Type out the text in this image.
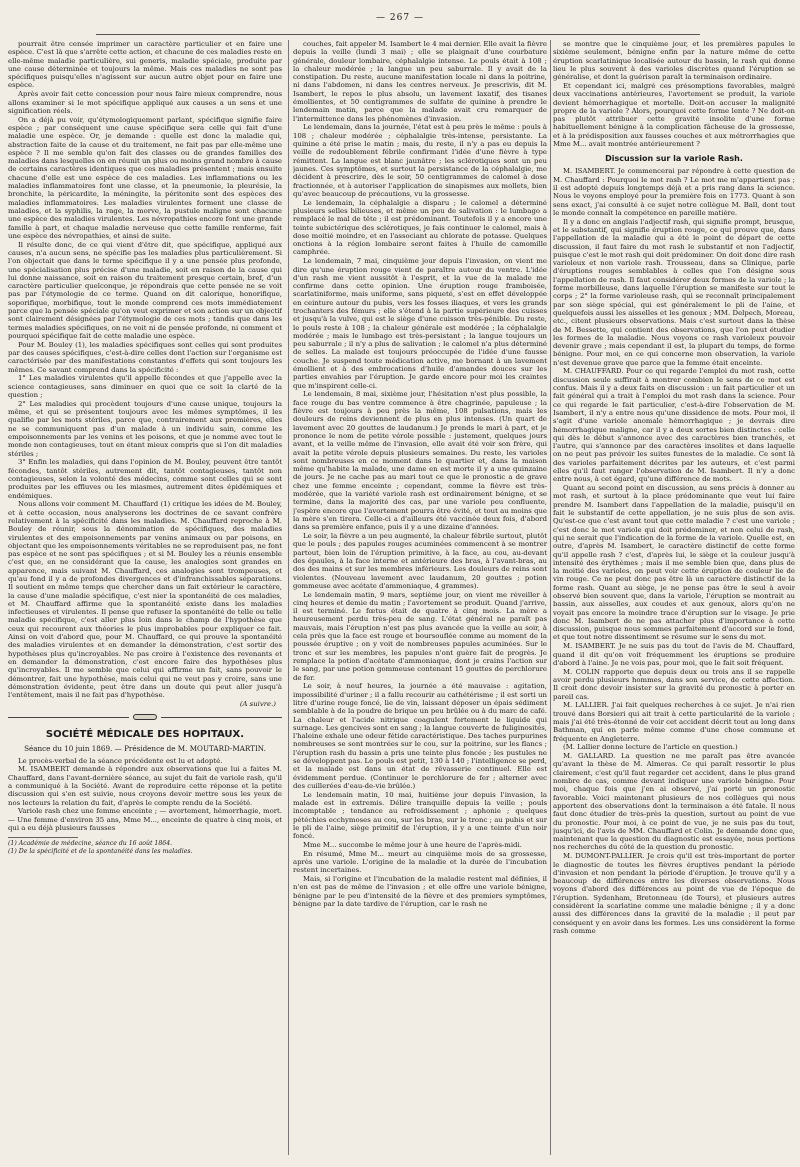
— 267 —

pourrait être censée imprimer un caractère particulier et en faire une espèce. C'est là que s'arrête cette action, et chacune de ces maladies reste en elle-même maladie particulière, sui generis, maladie spéciale, produite par une cause déterminée et toujours la même. Mais ces maladies ne sont pas spécifiques puisqu'elles n'agissent sur aucun autre objet pour en faire une espèce.

Après avoir fait cette concession pour nous faire mieux comprendre, nous allons examiner si le mot spécifique appliqué aux causes a un sens et une signification réels.

On a déjà pu voir, qu'étymologiquement parlant, spécifique signifie faire espèce ; par conséquent une cause spécifique sera celle qui fait d'une maladie une espèce. Or, je demande : quelle est donc la maladie qui, abstraction faite de la cause et du traitement, ne fait pas par elle-même une espèce ? Il me semble qu'on fait des classes ou de grandes familles des maladies dans lesquelles on en réunit un plus ou moins grand nombre à cause de certains caractères identiques que ces maladies présentent ; mais ensuite chacune d'elle est une espèce de ces maladies. Les inflammations ou les maladies inflammatoires font une classe, et la pneumonie, la pleurésie, la bronchite, la péricardite, la méningite, la péritonite sont des espèces des maladies inflammatoires. Les maladies virulentes forment une classe de maladies, et la syphilis, la rage, la morve, la pustule maligne sont chacune une espèce des maladies virulentes. Les névropathies encore font une grande famille à part, et chaque maladie nerveuse que cette famille renferme, fait une espèce des névropathies, et ainsi de suite.

Il résulte donc, de ce qui vient d'être dit, que spécifique, appliqué aux causes, n'a aucun sens, ne spécifie pas les maladies plus particulièrement. Si l'on objectait que dans le terme spécifique il y a une pensée plus profonde, une spécialisation plus précise d'une maladie, soit en raison de la cause qui lui donne naissance, soit en raison du traitement presque certain, bref, d'un caractère particulier quelconque, je répondrais que cette pensée ne se voit pas par l'étymologie de ce terme. Quand on dit calorique, honorifique, soporifique, morbifique, tout le monde comprend ces mots immédiatement parce que la pensée spéciale qu'on veut exprimer et son action sur un objectif sont clairement désignées par l'étymologie de ces mots ; tandis que dans les termes maladies spécifiques, on ne voit ni de pensée profonde, ni comment et pourquoi spécifique fait de cette maladie une espèce.

Pour M. Bouley (1), les maladies spécifiques sont celles qui sont produites par des causes spécifiques, c'est-à-dire celles dont l'action sur l'organisme est caractérisée par des manifestations constantes d'effets qui sont toujours les mêmes. Ce savant comprend dans la spécificité :

1° Les maladies virulentes qu'il appelle fécondes et que j'appelle avec la science contagieuses, sans diminuer en quoi que ce soit la clarté de la question ;

2° Les maladies qui procèdent toujours d'une cause unique, toujours la même, et qui se présentent toujours avec les mêmes symptômes, il les qualifie par les mots stériles, parce que, contrairement aux premières, elles ne se communiquent pas d'un malade à un individu sain, comme les empoisonnements par les venins et les poisons, et que je nomme avec tout le monde non contagieuses, tout en étant mieux compris que si l'on dit maladies stériles ;

3° Enfin les maladies, qui dans l'opinion de M. Bouley, peuvent être tantôt fécondes, tantôt stériles, autrement dit, tantôt contagieuses, tantôt non contagieuses, selon la volonté des médecins, comme sont celles qui se sont produites par les effluves ou les miasmes, autrement dites épidémiques et endémiques.

Nous allons voir comment M. Chauffard (1) critique les idées de M. Bouley, et à cette occasion, nous analyserons les doctrines de ce savant confrère relativement à la spécificité dans les maladies. M. Chauffard reproche à M. Bouley de réunir, sous la dénomination de spécifiques, des maladies virulentes et des empoisonnements par venins animaux ou par poisons, en objectant que les empoisonnements véritables ne se reproduisent pas, ne font pas espèce et ne sont pas spécifiques ; et si M. Bouley les a réunis ensemble c'est que, en ne considérant que la cause, les analogies sont grandes en apparence, mais suivant M. Chauffard, ces analogies sont trompeuses, et qu'au fond il y a de profondes divergences et d'infranchissables séparations. Il soutient en même temps que chercher dans un fait extérieur le caractère, la cause d'une maladie spécifique, c'est nier la spontanéité de ces maladies, et M. Chauffard affirme que la spontanéité existe dans les maladies infectieuses et virulentes. Il pense que refuser la spontanéité de telle ou telle maladie spécifique, c'est aller plus loin dans le champ de l'hypothèse que ceux qui recourent aux théories le plus improbables pour expliquer ce fait. Ainsi on voit d'abord que, pour M. Chauffard, ce qui prouve la spontanéité des maladies virulentes et en demander la démonstration, c'est sortir des hypothèses plus qu'incroyables. Ne pas croire à l'existence des revenants et en demander la démonstration, c'est encore faire des hypothèses plus qu'incroyables. Il me semble que celui qui affirme un fait, sans pouvoir le démontrer, fait une hypothèse, mais celui qui ne veut pas y croire, sans une démonstration évidente, peut être dans un doute qui peut aller jusqu'à l'entêtement, mais il ne fait pas d'hypothèse.

(A suivre.)
SOCIÉTÉ MÉDICALE DES HOPITAUX.
Séance du 10 juin 1869. — Présidence de M. MOUTARD-MARTIN.

Le procès-verbal de la séance précédente est lu et adopté.

M. ISAMBERT demande à répondre aux observations que lui a faites M. Chauffard, dans l'avant-dernière séance, au sujet du fait de variole rash, qu'il a communiqué à la Société. Avant de reproduire cette réponse et la petite discussion qui s'en est suivie, nous croyons devoir mettre sous les yeux de nos lecteurs la relation du fait, d'après le compte rendu de la Société.

Variole rash chez une femme enceinte ; — avortement, hémorrhagie, mort. — Une femme d'environ 35 ans, Mme M..., enceinte de quatre à cinq mois, et qui a eu déjà plusieurs fausses

(1) Académie de médecine, séance du 16 août 1864.

(1) De la spécificité et de la spontanéité dans les maladies.

couches, fait appeler M. Isambert le 4 mai dernier. Elle avait la fièvre depuis la veille (lundi 3 mai) ; elle se plaignait d'une courbature générale, douleur lombaire, céphalalgie intense. Le pouls était à 108 ; la chaleur modérée ; la langue un peu saburrale. Il y avait de la constipation. Du reste, aucune manifestation locale ni dans la poitrine, ni dans l'abdomen, ni dans les centres nerveux. Je prescrivis, dit M. Isambert, le repos le plus absolu, un lavement laxatif, des tisanes émollientes, et 50 centigrammes de sulfate de quinine à prendre le lendemain matin, parce que la malade avait cru remarquer de l'intermittence dans les phénomènes d'invasion.

Le lendemain, dans la journée, l'état est à peu près le même : pouls à 108 ; chaleur modérée ; céphalalgie très-intense, persistante. La quinine a été prise le matin ; mais, du reste, il n'y a pas eu depuis la veille de redoublement fébrile confirmant l'idée d'une fièvre à type rémittent. La langue est blanc jaunâtre ; les sclérotiques sont un peu jaunes. Ces symptômes, et surtout la persistance de la céphalalgie, me décident à prescrire, dès le soir, 50 centigrammes de calomel à dose fractionnée, et à autoriser l'application de sinapismes aux mollets, bien qu'avec beaucoup de précautions, vu la grossesse.

Le lendemain, la céphalalgie a disparu ; le calomel a déterminé plusieurs selles bilieuses, et même un peu de salivation : le lumbago a remplacé le mal de tête ; il est prédominant. Toutefois il y a encore une teinte subictérique des sclérotiques, je fais continuer le calomel, mais à dose moitié moindre, et en l'associant au chlorate de potasse. Quelques onctions à la région lombaire seront faites à l'huile de camomille camphrée.

Le lendemain, 7 mai, cinquième jour depuis l'invasion, on vient me dire qu'une éruption rouge vient de paraître autour du ventre. L'idée d'un rash me vient aussitôt à l'esprit, et la vue de la malade me confirme dans cette opinion. Une éruption rouge framboisée, scarlatiniforme, mais uniforme, sans piqueté, s'est en effet développée en ceinture autour du pubis, vers les fosses iliaques, et vers les grands trochanters des fémurs ; elle s'étend à la partie supérieure des cuisses et jusqu'à la vulve, qui est le siège d'une cuisson très-pénible. Du reste, le pouls reste à 108 ; la chaleur générale est modérée ; la céphalalgie modérée ; mais le lumbago est très-persistant ; la langue toujours un peu saburrale ; il n'y a plus de salivation ; le calomel n'a plus déterminé de selles. La malade est toujours préoccupée de l'idée d'une fausse couche. Je suspend toute médication active, me bornant à un lavement émollient et à des embrocations d'huile d'amandes douces sur les parties envahies par l'éruption. Je garde encore pour moi les craintes que m'inspirent celle-ci.

Le lendemain, 8 mai, sixième jour, l'hésitation n'est plus possible, la face rouge du bas ventre commence à être chagrinée, papuleuse ; la fièvre est toujours à peu près la même, 108 pulsations, mais les douleurs de reins deviennent de plus en plus intenses. (Un quart de lavement avec 20 gouttes de laudanum.) Je prends le mari à part, et je prononce le nom de petite vérole possible : justement, quelques jours avant, et la veille même de l'invasion, elle avait été voir son frère, qui avait la petite vérole depuis plusieurs semaines. Du reste, les varioles sont nombreuses en ce moment dans le quartier et, dans la maison même qu'habite la malade, une dame en est morte il y a une quinzaine de jours. Je ne cache pas au mari tout ce que le pronostic a de grave chez une femme enceinte ; cependant, comme la fièvre est très-modérée, que la variété variole rash est ordinairement bénigne, et se termine, dans la majorité des cas, par une variole peu confluente, j'espère encore que l'avortement pourra être évité, et tout au moins que la mère s'en tirera. Celle-ci a d'ailleurs été vaccinée deux fois, d'abord dans sa première enfance, puis il y a une dizaine d'années.

Le soir, la fièvre a un peu augmenté, la chaleur fébrile surtout, plutôt que le pouls ; des papules rouges acuminées commencent à se montrer partout, bien loin de l'éruption primitive, à la face, au cou, au-devant des épaules, à la face interne et antérieure des bras, à l'avant-bras, au dos des mains et sur les membres inférieurs. Les douleurs de reins sont violentes. (Nouveau lavement avec laudanum, 20 gouttes ; potion gommeuse avec acétate d'ammoniaque, 4 grammes).

Le lendemain matin, 9 mars, septième jour, on vient me réveiller à cinq heures et demie du matin ; l'avortement se produit. Quand j'arrive, il est terminé. Le fœtus était de quatre à cinq mois. La mère a heureusement perdu très-peu de sang. L'état général ne paraît pas mauvais, mais l'éruption n'est pas plus avancée que la veille au soir, à cela près que la face est rouge et boursouflée comme au moment de la poussée éruptive ; on y voit de nombreuses papules acuminées. Sur le tronc et sur les membres, les papules n'ont guère fait de progrès. Je remplace la potion d'acétate d'ammoniaque, dont je crains l'action sur le sang, par une potion gommeuse contenant 15 gouttes de perchlorure de fer.

Le soir, à neuf heures, la journée a été mauvaise : agitation, impossibilité d'uriner ; il a fallu recourir au cathétérisme ; il est sorti un litre d'urine rouge foncé, lie de vin, laissant déposer un épais sédiment semblable à de la poudre de brique un peu brûlée ou à du marc de café. La chaleur et l'acide nitrique coagulent fortement le liquide qui surnage. Les gencives sont en sang ; la langue couverte de fuliginosités, l'haleine exhale une odeur fétide caractéristique. Des taches purpurines nombreuses se sont montrées sur le cou, sur la poitrine, sur les flancs ; l'éruption rash du bassin a pris une teinte plus foncée ; les pustules ne se développent pas. Le pouls est petit, 130 à 140 ; l'intelligence se perd, et la malade est dans un état de rêvasserie continuel. Elle est évidemment perdue. (Continuer le perchlorure de fer ; alterner avec des cuillerées d'eau-de-vie brûlée.)

Le lendemain matin, 10 mai, huitième jour depuis l'invasion, la malade est in extremis. Délire tranquille depuis la veille ; pouls incomptable ; tendance au refroidissement ; aphonie ; quelques pétéchies ecchymoses au cou, sur les bras, sur le tronc ; au pubis et sur le pli de l'aine, siège primitif de l'éruption, il y a une teinte d'un noir foncé.

Mme M... succombe le même jour à une heure de l'après-midi.

En résumé, Mme M... meurt au cinquième mois de sa grossesse, après une variole. L'origine de la maladie et la durée de l'incubation restent incertaines.

Mais, si l'origine et l'incubation de la maladie restent mal définies, il n'en est pas de même de l'invasion ; et elle offre une variole bénigne, bénigne par le peu d'intensité de la fièvre et des premiers symptômes, bénigne par la date tardive de l'éruption, car le rash ne

se montre que le cinquième jour, et les premières papules le sixième seulement, bénigne enfin par la nature même de cette éruption scarlatinique localisée autour du bassin, le rash qui donne lieu le plus souvent à des varioles discrètes quand l'éruption se généralise, et dont la guérison paraît la terminaison ordinaire.

Et cependant ici, malgré ces présomptions favorables, malgré deux vaccinations antérieures, l'avortement se produit, la variole devient hémorrhagique et mortelle. Doit-on accuser la malignité propre de la variole ? Alors, pourquoi cette forme lente ? Ne doit-on pas plutôt attribuer cette gravité insolite d'une forme habituellement bénigne à la complication fâcheuse de la grossesse, et à la prédisposition aux fausses couches et aux métrorrhagies que Mme M... avait montrée antérieurement ?

Discussion sur la variole Rash.

M. ISAMBERT. Je commencerai par répondre à cette question de M. Chauffard : Pourquoi le mot rash ? Le mot me m'appartient pas ; il est adopté depuis longtemps déjà et a pris rang dans la science. Nous le voyons employé pour la première fois en 1773. Quant à son sens exact, j'ai consulté à ce sujet notre collègue M. Ball, dont tout le monde connaît la compétence en pareille matière.

Il y a donc en anglais l'adjectif rash, qui signifie prompt, brusque, et le substantif, qui signifie éruption rouge, ce qui prouve que, dans l'appellation de la maladie qui a été le point de départ de cette discussion, il faut faire du mot rash le substantif et non l'adjectif, puisque c'est le mot rash qui doit prédominer. On doit donc dire rash varioleux et non variole rash. Trousseau, dans sa Clinique, parle d'éruptions rouges semblables à celles que l'on désigne sous l'appellation de rash. Il faut considérer deux formes de la variole ; la forme morbilleuse, dans laquelle l'éruption se manifeste sur tout le corps ; 2° la forme varioleuse rash, qui se reconnaît principalement par son siège spécial, qui est généralement le pli de l'aine, et quelquefois aussi les aisselles et les genoux ; MM. Delpech, Moreau, etc., citent plusieurs observations. Mais c'est surtout dans la thèse de M. Bessette, qui contient des observations, que l'on peut étudier les formes de la maladie. Nous voyons ce rash varioleux pouvoir devenir grave ; mais cependant il est, la plupart du temps, de forme bénigne. Pour moi, en ce qui concerne mon observation, la variole n'est devenue grave que parce que la femme était enceinte.

M. CHAUFFARD. Pour ce qui regarde l'emploi du mot rash, cette discussion seule suffirait à montrer combien le sens de ce mot est confus. Mais il y a deux faits en discussion : un fait particulier et un fait général qui a trait à l'emploi du mot rash dans la science. Pour ce qui regarde le fait particulier, c'est-à-dire l'observation de M. Isambert, il n'y a entre nous qu'une dissidence de mots. Pour moi, il s'agit d'une variole anomale hémorrhagique ; je devrais dire hémorrhagique maligne, car il y a deux sortes bien distinctes : celle qui dès le début s'annonce avec des caractères bien tranchés, et l'autre, qui s'annonce par des caractères insolites et dans laquelle on ne peut pas prévoir les suites funestes de la maladie. Ce sont là des varioles parfaitement décrites par les auteurs, et c'est parmi elles qu'il faut ranger l'observation de M. Isambert. Il n'y a donc entre nous, à cet égard, qu'une différence de mots.

Quant au second point en discussion, au sens précis à donner au mot rash, et surtout à la place prédominante que veut lui faire prendre M. Isambert dans l'appellation de la maladie, puisqu'il en fait le substantif de cette appellation, je ne suis plus de son avis. Qu'est-ce que c'est avant tout que cette maladie ? c'est une variole ; c'est donc le mot variole qui doit prédominer, et non celui de rash, qui ne serait que l'indication de la forme de la variole. Quelle est, en outre, d'après M. Isambert, le caractère distinctif de cette forme qu'il appelle rash ? c'est, d'après lui, le siège et la couleur jusqu'à intensité des érythèmes ; mais il me semble bien que, dans plus de la moitié des varioles, on peut voir cette éruption de couleur lie de vin rouge. Ce ne peut donc pas être là un caractère distinctif de la forme rash. Quant au siège, je ne pense pas être le seul à avoir observé bien souvent que, dans la variole, l'éruption se montrait au bassin, aux aisselles, aux coudes et aux genoux, alors qu'on ne voyait pas encore la moindre trace d'éruption sur le visage. Je prie donc M. Isambert de ne pas attacher plus d'importance à cette discussion, puisque nous sommes parfaitement d'accord sur le fond, et que tout notre dissentiment se résume sur le sens du mot.

M. ISAMBERT. Je ne suis pas du tout de l'avis de M. Chauffard, quand il dit qu'on voit fréquemment les éruptions se produire d'abord à l'aine. Je ne vois pas, pour moi, que le fait soit fréquent.

M. COLIN rapporte que depuis deux ou trois ans il se rappelle avoir perdu plusieurs hommes, dans son service, de cette affection. Il croit donc devoir insister sur la gravité du pronostic à porter en pareil cas.

M. LALLIER. J'ai fait quelques recherches à ce sujet. Je n'ai rien trouvé dans Borsieri qui ait trait à cette particularité de la variole ; mais j'ai été très-étonné de voir cet accident décrit tout au long dans Bathman, qui en parle même comme d'une chose commune et fréquente en Angleterre.

(M. Lallier donne lecture de l'article en question.)

M. GALLARD. La question ne me paraît pas être avancée qu'avant la thèse de M. Almeras. Ce qui paraît ressortir le plus clairement, c'est qu'il faut regarder cet accident, dans le plus grand nombre de cas, comme devant indiquer une variole bénigne. Pour moi, chaque fois que j'en ai observé, j'ai porté un pronostic favorable. Voici maintenant plusieurs de nos collègues qui nous apportent des observations dont la terminaison a été fatale. Il nous faut donc étudier de très-près la question, surtout au point de vue du pronostic. Pour moi, à ce point de vue, je ne suis pas du tout, jusqu'ici, de l'avis de MM. Chauffard et Colin. Je demande donc que, maintenant que la question du diagnostic est essayée, nous portions nos recherches du côté de la question du pronostic.

M. DUMONT-PALLIER. Je crois qu'il est très-important de porter le diagnostic de toutes les fièvres éruptives pendant la période d'invasion et non pendant la période d'éruption. Je trouve qu'il y a beaucoup de différences entre les diverses observations. Nous voyons d'abord des différences au point de vue de l'époque de l'éruption. Sydenham, Bretonneau (de Tours), et plusieurs autres considèrent la scarlatine comme une maladie bénigne ; il y a donc aussi des différences dans la gravité de la maladie ; il peut par conséquent y en avoir dans les formes. Les uns considèrent la forme rash comme
